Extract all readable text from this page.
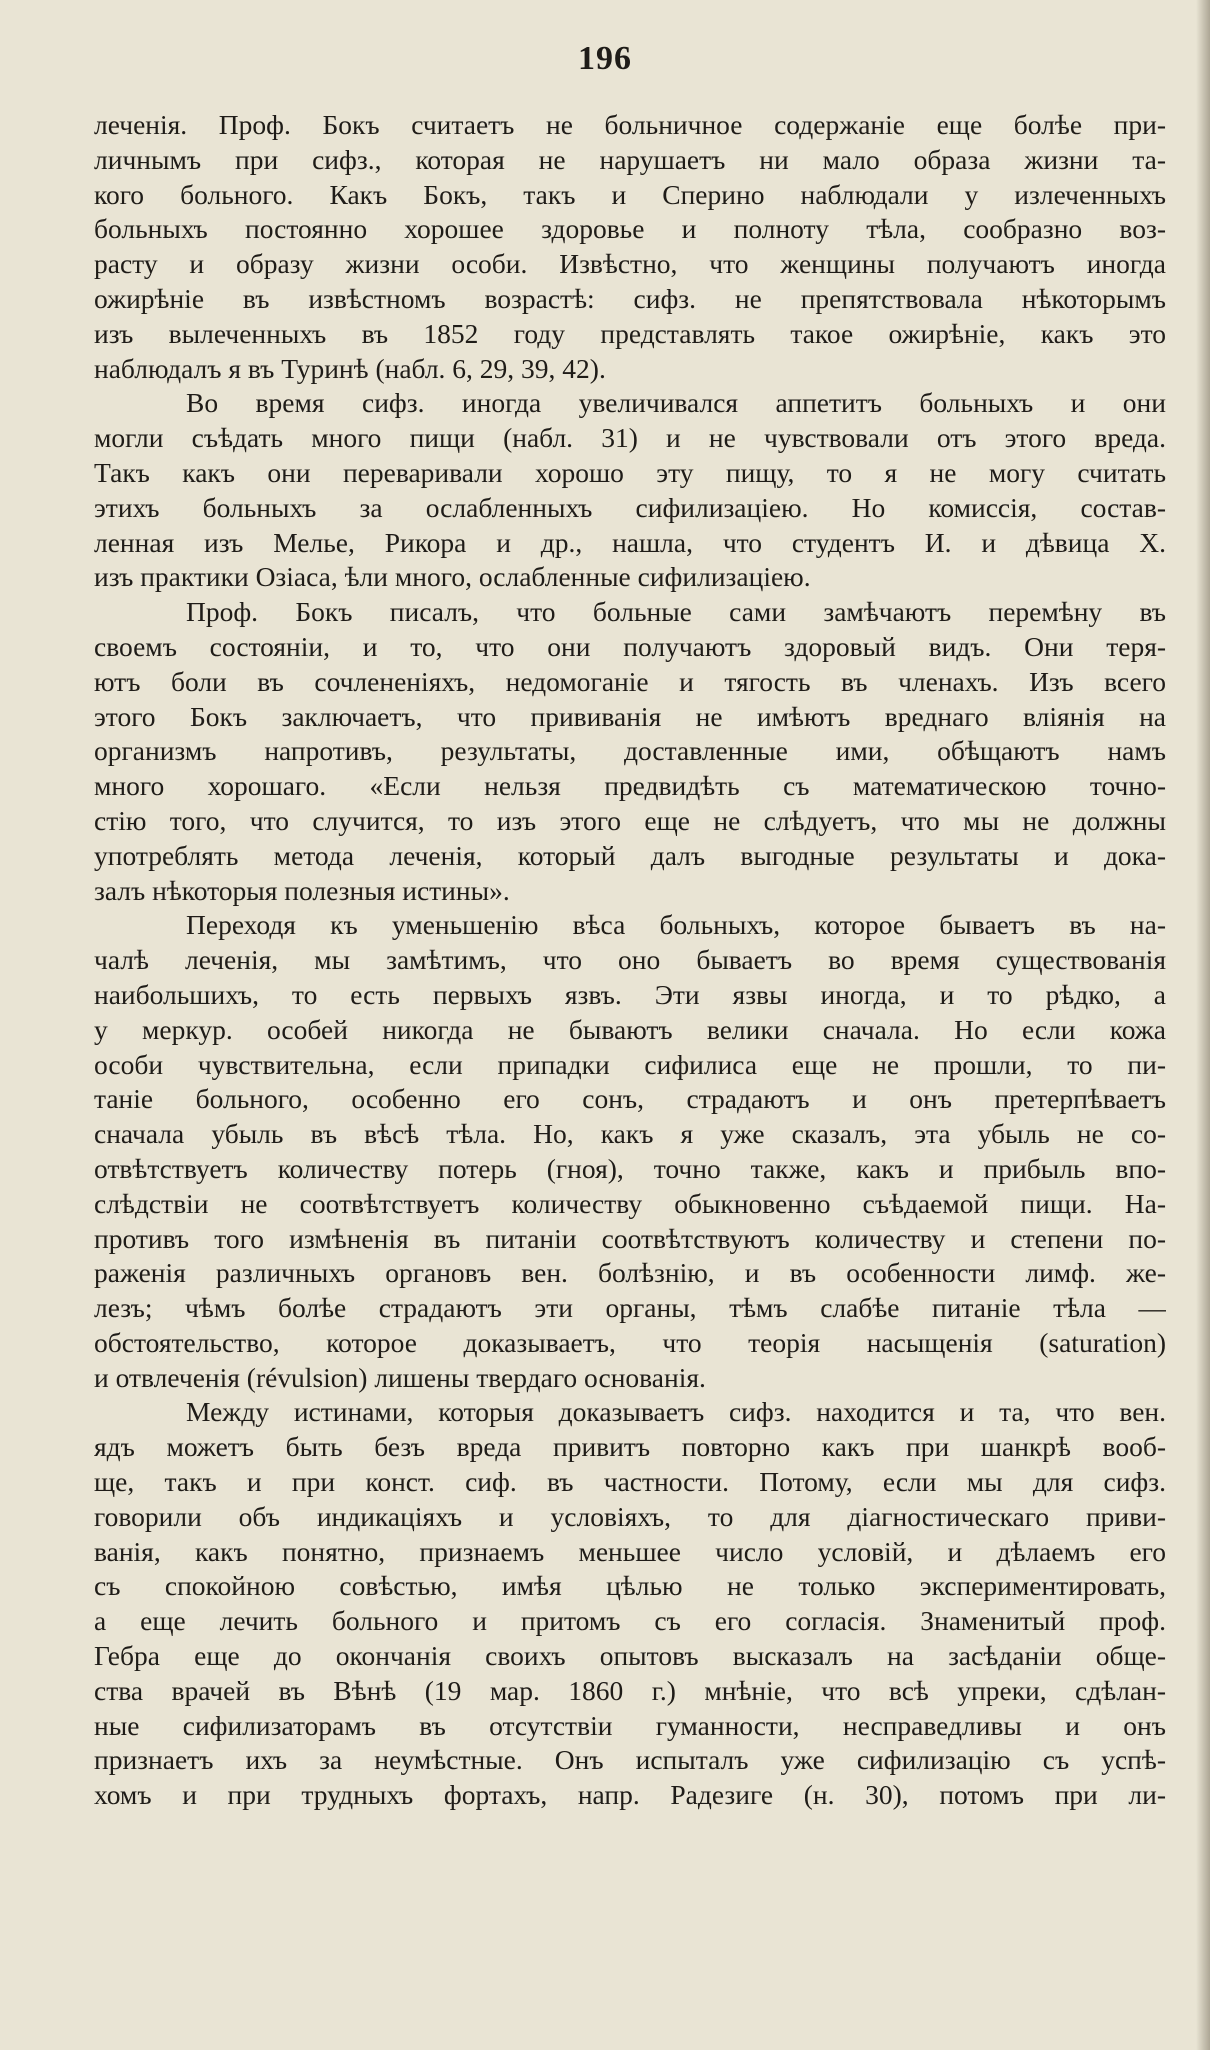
196

леченія. Проф. Бокъ считаетъ не больничное содержаніе еще болѣе при-
личнымъ при сифз., которая не нарушаетъ ни мало образа жизни та-
кого больного. Какъ Бокъ, такъ и Сперино наблюдали у излеченныхъ
больныхъ постоянно хорошее здоровье и полноту тѣла, сообразно воз-
расту и образу жизни особи. Извѣстно, что женщины получаютъ иногда
ожирѣніе въ извѣстномъ возрастѣ: сифз. не препятствовала нѣкоторымъ
изъ вылеченныхъ въ 1852 году представлять такое ожирѣніе, какъ это
наблюдалъ я въ Туринѣ (набл. 6, 29, 39, 42).

Во время сифз. иногда увеличивался аппетитъ больныхъ и они
могли съѣдать много пищи (набл. 31) и не чувствовали отъ этого вреда.
Такъ какъ они переваривали хорошо эту пищу, то я не могу считать
этихъ больныхъ за ослабленныхъ сифилизаціею. Но комиссія, состав-
ленная изъ Мелье, Рикора и др., нашла, что студентъ И. и дѣвица Х.
изъ практики Озіаса, ѣли много, ослабленные сифилизаціею.

Проф. Бокъ писалъ, что больные сами замѣчаютъ перемѣну въ
своемъ состояніи, и то, что они получаютъ здоровый видъ. Они теря-
ютъ боли въ сочлененіяхъ, недомоганіе и тягость въ членахъ. Изъ всего
этого Бокъ заключаетъ, что прививанія не имѣютъ вреднаго вліянія на
организмъ напротивъ, результаты, доставленные ими, обѣщаютъ намъ
много хорошаго. «Если нельзя предвидѣть съ математическою точно-
стію того, что случится, то изъ этого еще не слѣдуетъ, что мы не должны
употреблять метода леченія, который далъ выгодные результаты и дока-
залъ нѣкоторыя полезныя истины».

Переходя къ уменьшенію вѣса больныхъ, которое бываетъ въ на-
чалѣ леченія, мы замѣтимъ, что оно бываетъ во время существованія
наибольшихъ, то есть первыхъ язвъ. Эти язвы иногда, и то рѣдко, а
у меркур. особей никогда не бываютъ велики сначала. Но если кожа
особи чувствительна, если припадки сифилиса еще не прошли, то пи-
таніе больного, особенно его сонъ, страдаютъ и онъ претерпѣваетъ
сначала убыль въ вѣсѣ тѣла. Но, какъ я уже сказалъ, эта убыль не со-
отвѣтствуетъ количеству потерь (гноя), точно также, какъ и прибыль впо-
слѣдствіи не соотвѣтствуетъ количеству обыкновенно съѣдаемой пищи. На-
противъ того измѣненія въ питаніи соотвѣтствуютъ количеству и степени по-
раженія различныхъ органовъ вен. болѣзнію, и въ особенности лимф. же-
лезъ; чѣмъ болѣе страдаютъ эти органы, тѣмъ слабѣе питаніе тѣла —
обстоятельство, которое доказываетъ, что теорія насыщенія (saturation)
и отвлеченія (révulsion) лишены твердаго основанія.

Между истинами, которыя доказываетъ сифз. находится и та, что вен.
ядъ можетъ быть безъ вреда привитъ повторно какъ при шанкрѣ вооб-
ще, такъ и при конст. сиф. въ частности. Потому, если мы для сифз.
говорили объ индикаціяхъ и условіяхъ, то для діагностическаго приви-
ванія, какъ понятно, признаемъ меньшее число условій, и дѣлаемъ его
съ спокойною совѣстью, имѣя цѣлью не только экспериментировать,
а еще лечить больного и притомъ съ его согласія. Знаменитый проф.
Гебра еще до окончанія своихъ опытовъ высказалъ на засѣданіи обще-
ства врачей въ Вѣнѣ (19 мар. 1860 г.) мнѣніе, что всѣ упреки, сдѣлан-
ные сифилизаторамъ въ отсутствіи гуманности, несправедливы и онъ
признаетъ ихъ за неумѣстные. Онъ испыталъ уже сифилизацію съ успѣ-
хомъ и при трудныхъ фортахъ, напр. Радезиге (н. 30), потомъ при ли-
